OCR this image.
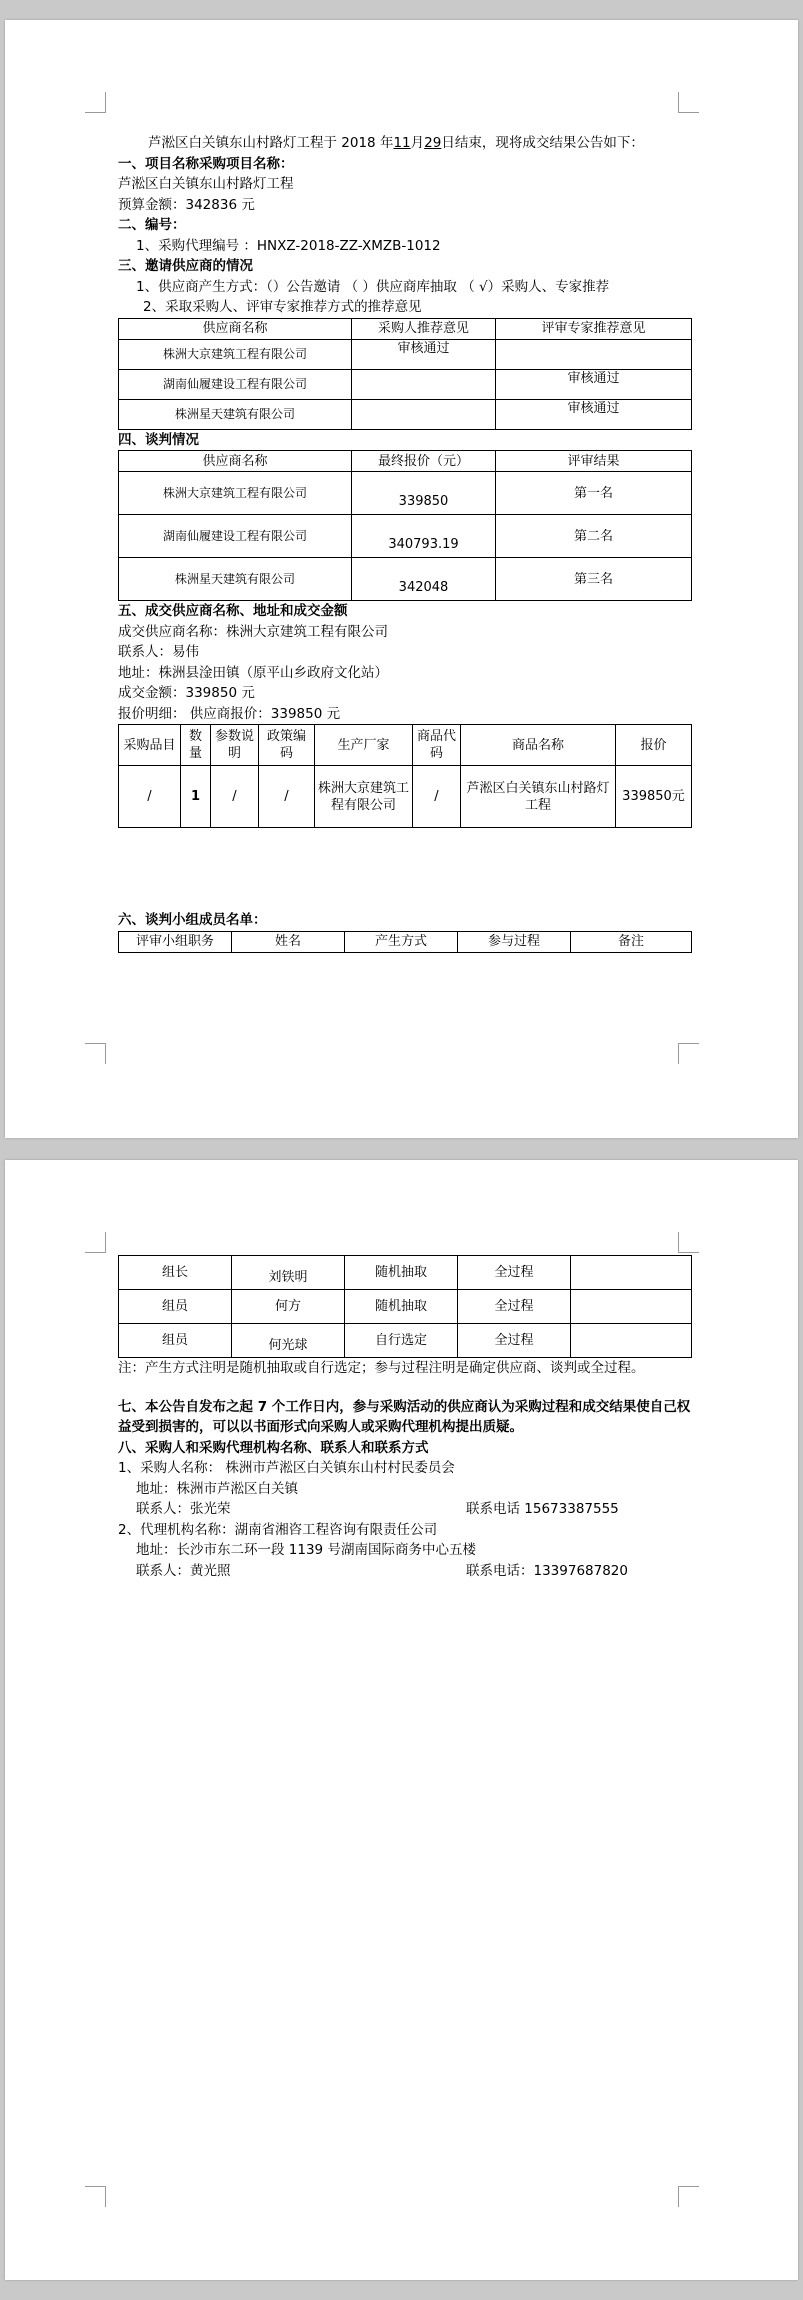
芦淞区白关镇东山村路灯工程于 2018 年11月29日结束，现将成交结果公告如下：

一、项目名称采购项目名称：

芦淞区白关镇东山村路灯工程

预算金额：342836 元

二、编号：

1、采购代理编号 ：HNXZ-2018-ZZ-XMZB-1012

三、邀请供应商的情况

1、供应商产生方式：（）公告邀请 （ ）供应商库抽取 （ √）采购人、专家推荐

2、采取采购人、评审专家推荐方式的推荐意见

供应商名称	采购人推荐意见	评审专家推荐意见
株洲大京建筑工程有限公司	审核通过	
湖南仙履建设工程有限公司		审核通过
株洲星天建筑有限公司		审核通过

四、谈判情况

供应商名称	最终报价（元）	评审结果
株洲大京建筑工程有限公司	339850	第一名
湖南仙履建设工程有限公司	340793.19	第二名
株洲星天建筑有限公司	342048	第三名

五、成交供应商名称、地址和成交金额

成交供应商名称：株洲大京建筑工程有限公司

联系人：易伟

地址：株洲县淦田镇（原平山乡政府文化站）

成交金额：339850 元

报价明细： 供应商报价：339850 元

采购品目	数量	参数说明	政策编码	生产厂家	商品代码	商品名称	报价
/	1	/	/	株洲大京建筑工程有限公司	/	芦淞区白关镇东山村路灯工程	339850元

六、谈判小组成员名单：

评审小组职务	姓名	产生方式	参与过程	备注
组长	刘铁明	随机抽取	全过程	
组员	何方	随机抽取	全过程	
组员	何光球	自行选定	全过程	

注：产生方式注明是随机抽取或自行选定；参与过程注明是确定供应商、谈判或全过程。

七、本公告自发布之起 7 个工作日内，参与采购活动的供应商认为采购过程和成交结果使自己权益受到损害的，可以以书面形式向采购人或采购代理机构提出质疑。

八、采购人和采购代理机构名称、联系人和联系方式

1、采购人名称： 株洲市芦淞区白关镇东山村村民委员会

地址：株洲市芦淞区白关镇

联系人：张光荣	联系电话 15673387555

2、代理机构名称：湖南省湘咨工程咨询有限责任公司

地址：长沙市东二环一段 1139 号湖南国际商务中心五楼

联系人：黄光照	联系电话：13397687820
